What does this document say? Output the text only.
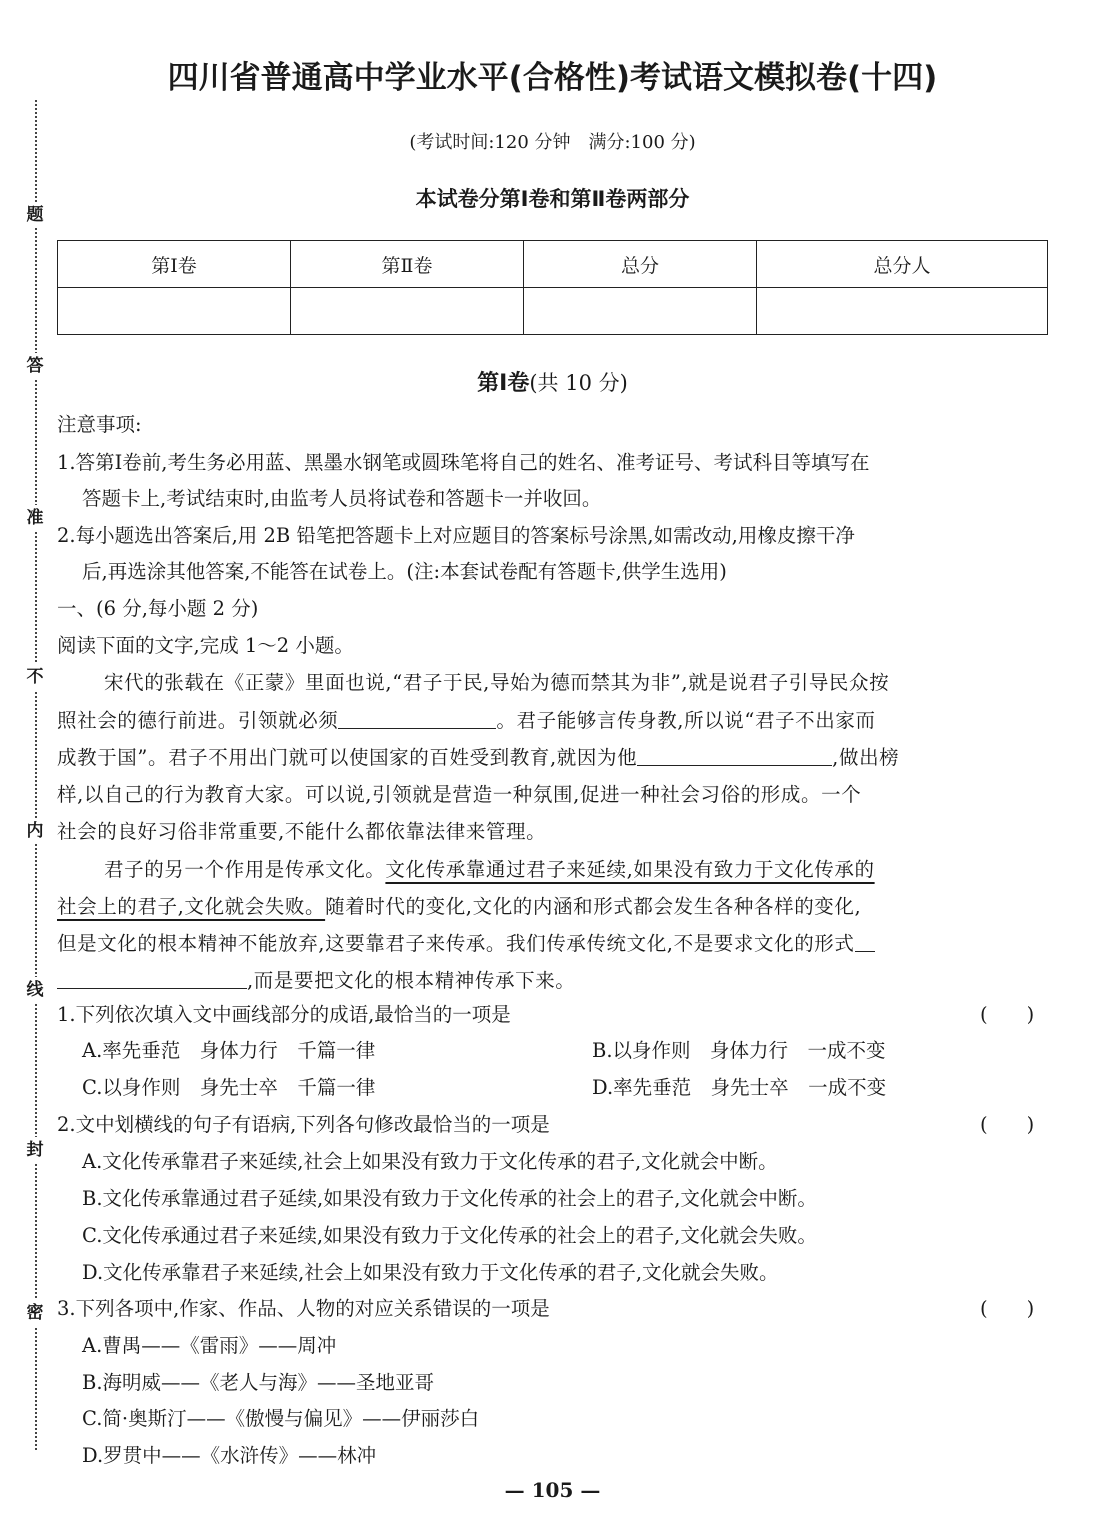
题
答
准
不
内
线
封
密
四川省普通高中学业水平(合格性)考试语文模拟卷(十四)
(考试时间:120 分钟　满分:100 分)
本试卷分第Ⅰ卷和第Ⅱ卷两部分
第Ⅰ卷	第Ⅱ卷	总分	总分人

第Ⅰ卷(共 10 分)
注意事项:
1.答第Ⅰ卷前,考生务必用蓝、黑墨水钢笔或圆珠笔将自己的姓名、准考证号、考试科目等填写在
答题卡上,考试结束时,由监考人员将试卷和答题卡一并收回。
2.每小题选出答案后,用 2B 铅笔把答题卡上对应题目的答案标号涂黑,如需改动,用橡皮擦干净
后,再选涂其他答案,不能答在试卷上。(注:本套试卷配有答题卡,供学生选用)
一、(6 分,每小题 2 分)
阅读下面的文字,完成 1～2 小题。
宋代的张载在《正蒙》里面也说,“君子于民,导始为德而禁其为非”,就是说君子引导民众按
照社会的德行前进。引领就必须	。君子能够言传身教,所以说“君子不出家而
成教于国”。君子不用出门就可以使国家的百姓受到教育,就因为他	,做出榜
样,以自己的行为教育大家。可以说,引领就是营造一种氛围,促进一种社会习俗的形成。一个
社会的良好习俗非常重要,不能什么都依靠法律来管理。
君子的另一个作用是传承文化。文化传承靠通过君子来延续,如果没有致力于文化传承的
社会上的君子,文化就会失败。随着时代的变化,文化的内涵和形式都会发生各种各样的变化,
但是文化的根本精神不能放弃,这要靠君子来传承。我们传承传统文化,不是要求文化的形式
,而是要把文化的根本精神传承下来。
1.下列依次填入文中画线部分的成语,最恰当的一项是	(　　)
A.率先垂范　身体力行　千篇一律	B.以身作则　身体力行　一成不变
C.以身作则　身先士卒　千篇一律	D.率先垂范　身先士卒　一成不变
2.文中划横线的句子有语病,下列各句修改最恰当的一项是	(　　)
A.文化传承靠君子来延续,社会上如果没有致力于文化传承的君子,文化就会中断。
B.文化传承靠通过君子延续,如果没有致力于文化传承的社会上的君子,文化就会中断。
C.文化传承通过君子来延续,如果没有致力于文化传承的社会上的君子,文化就会失败。
D.文化传承靠君子来延续,社会上如果没有致力于文化传承的君子,文化就会失败。
3.下列各项中,作家、作品、人物的对应关系错误的一项是	(　　)
A.曹禺——《雷雨》——周冲
B.海明威——《老人与海》——圣地亚哥
C.简·奥斯汀——《傲慢与偏见》——伊丽莎白
D.罗贯中——《水浒传》——林冲
— 105 —
